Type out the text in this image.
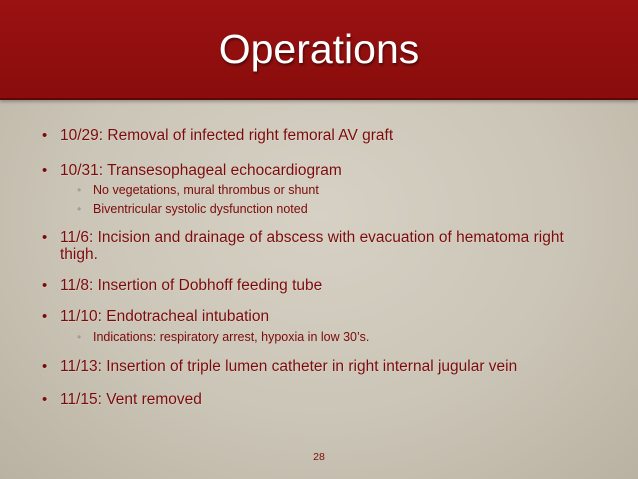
Operations
• 10/29: Removal of infected right femoral AV graft
• 10/31: Transesophageal echocardiogram
• No vegetations, mural thrombus or shunt
• Biventricular systolic dysfunction noted
• 11/6: Incision and drainage of abscess with evacuation of hematoma right thigh.
• 11/8: Insertion of Dobhoff feeding tube
• 11/10: Endotracheal intubation
• Indications: respiratory arrest, hypoxia in low 30’s.
• 11/13: Insertion of triple lumen catheter in right internal jugular vein
• 11/15: Vent removed
28
